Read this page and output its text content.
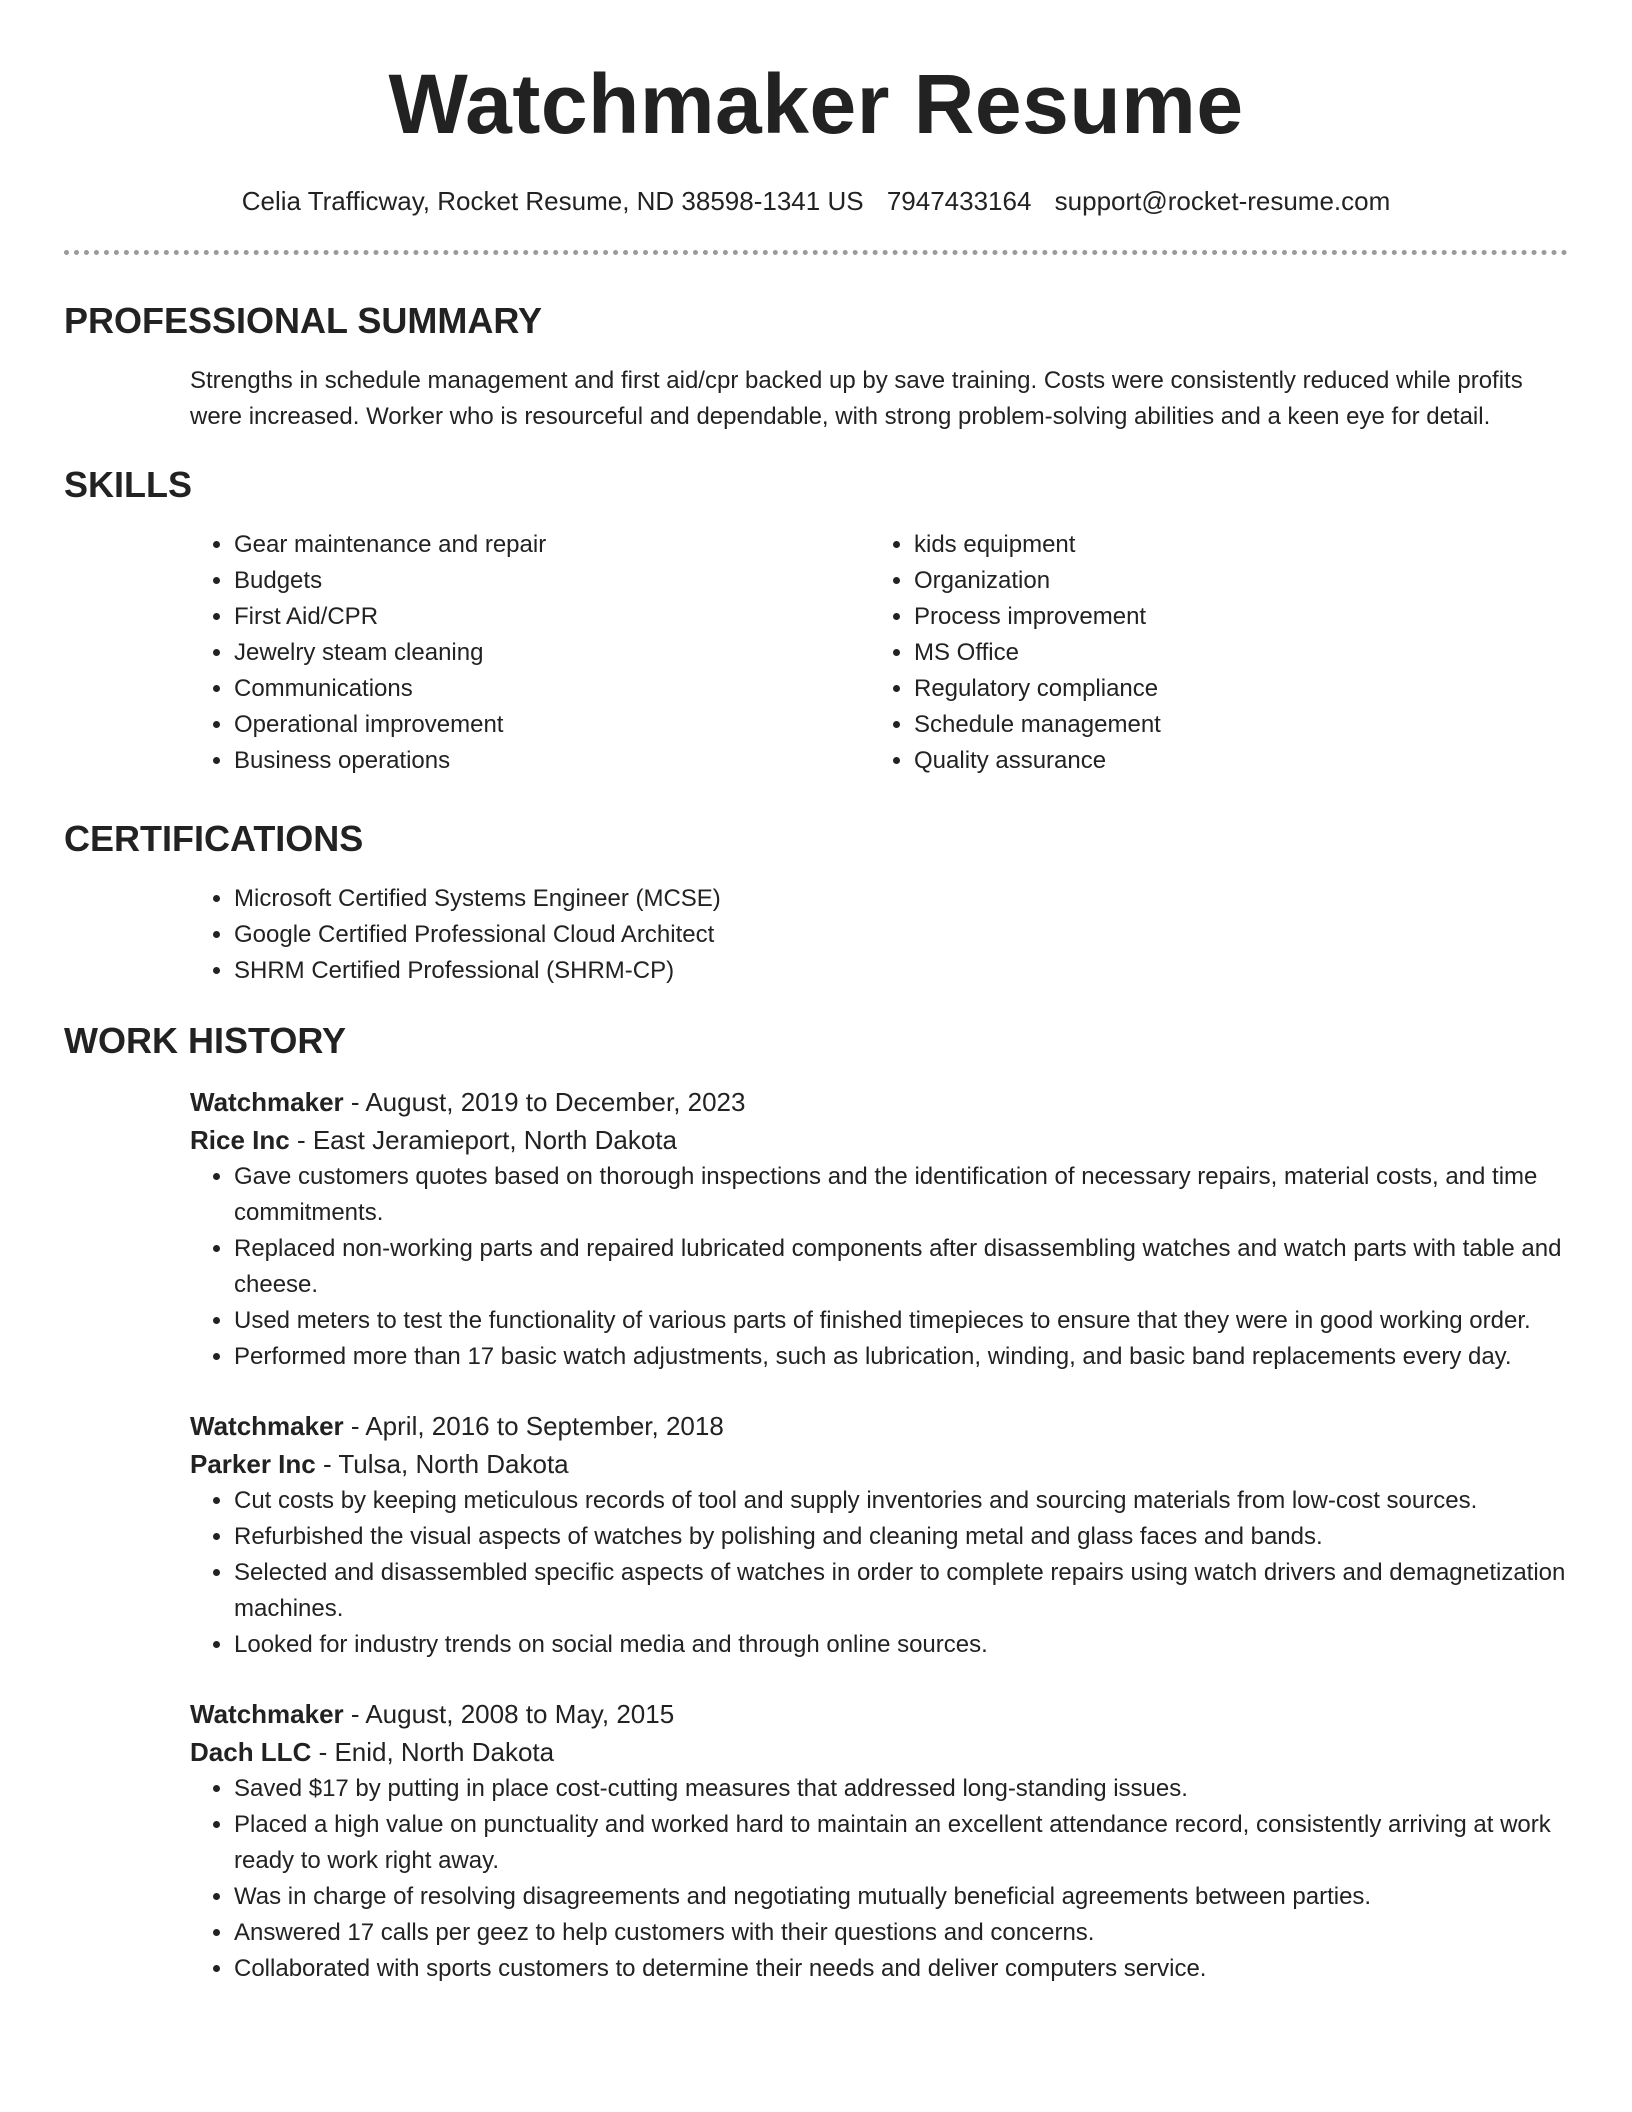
Watchmaker Resume
Celia Trafficway, Rocket Resume, ND 38598-1341 US 7947433164 support@rocket-resume.com
PROFESSIONAL SUMMARY

Strengths in schedule management and first aid/cpr backed up by save training. Costs were consistently reduced while profits were increased. Worker who is resourceful and dependable, with strong problem-solving abilities and a keen eye for detail.

SKILLS
• Gear maintenance and repair
• Budgets
• First Aid/CPR
• Jewelry steam cleaning
• Communications
• Operational improvement
• Business operations
• kids equipment
• Organization
• Process improvement
• MS Office
• Regulatory compliance
• Schedule management
• Quality assurance
CERTIFICATIONS
• Microsoft Certified Systems Engineer (MCSE)
• Google Certified Professional Cloud Architect
• SHRM Certified Professional (SHRM-CP)
WORK HISTORY
Watchmaker - August, 2019 to December, 2023
Rice Inc - East Jeramieport, North Dakota
• Gave customers quotes based on thorough inspections and the identification of necessary repairs, material costs, and time commitments.
• Replaced non-working parts and repaired lubricated components after disassembling watches and watch parts with table and cheese.
• Used meters to test the functionality of various parts of finished timepieces to ensure that they were in good working order.
• Performed more than 17 basic watch adjustments, such as lubrication, winding, and basic band replacements every day.
Watchmaker - April, 2016 to September, 2018
Parker Inc - Tulsa, North Dakota
• Cut costs by keeping meticulous records of tool and supply inventories and sourcing materials from low-cost sources.
• Refurbished the visual aspects of watches by polishing and cleaning metal and glass faces and bands.
• Selected and disassembled specific aspects of watches in order to complete repairs using watch drivers and demagnetization machines.
• Looked for industry trends on social media and through online sources.
Watchmaker - August, 2008 to May, 2015
Dach LLC - Enid, North Dakota
• Saved $17 by putting in place cost-cutting measures that addressed long-standing issues.
• Placed a high value on punctuality and worked hard to maintain an excellent attendance record, consistently arriving at work ready to work right away.
• Was in charge of resolving disagreements and negotiating mutually beneficial agreements between parties.
• Answered 17 calls per geez to help customers with their questions and concerns.
• Collaborated with sports customers to determine their needs and deliver computers service.
